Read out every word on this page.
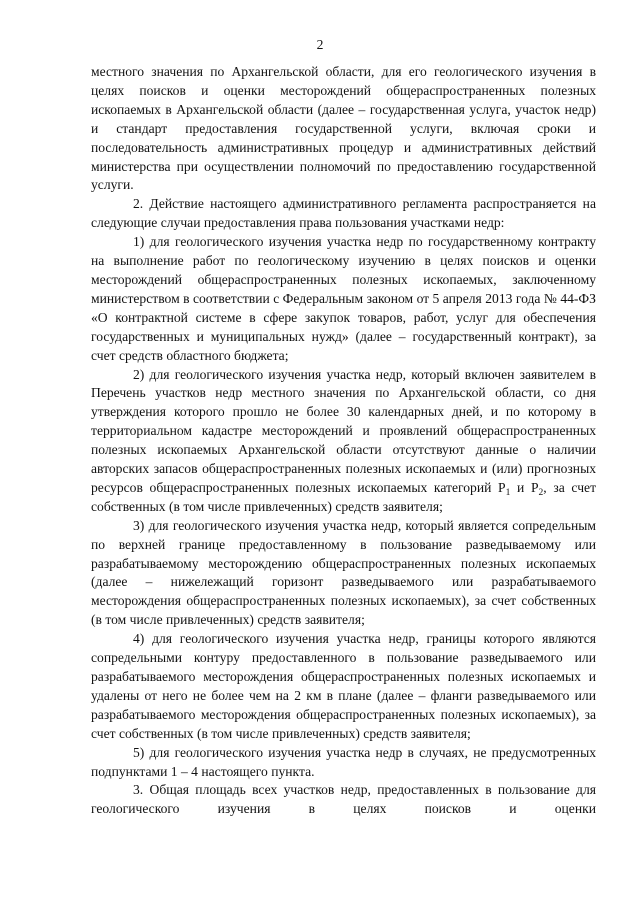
2

местного значения по Архангельской области, для его геологического изучения в целях поисков и оценки месторождений общераспространенных полезных ископаемых в Архангельской области (далее – государственная услуга, участок недр) и стандарт предоставления государственной услуги, включая сроки и последовательность административных процедур и административных действий министерства при осуществлении полномочий по предоставлению государственной услуги.

2. Действие настоящего административного регламента распространяется на следующие случаи предоставления права пользования участками недр:

1) для геологического изучения участка недр по государственному контракту на выполнение работ по геологическому изучению в целях поисков и оценки месторождений общераспространенных полезных ископаемых, заключенному министерством в соответствии с Федеральным законом от 5 апреля 2013 года № 44-ФЗ «О контрактной системе в сфере закупок товаров, работ, услуг для обеспечения государственных и муниципальных нужд» (далее – государственный контракт), за счет средств областного бюджета;

2) для геологического изучения участка недр, который включен заявителем в Перечень участков недр местного значения по Архангельской области, со дня утверждения которого прошло не более 30 календарных дней, и по которому в территориальном кадастре месторождений и проявлений общераспространенных полезных ископаемых Архангельской области отсутствуют данные о наличии авторских запасов общераспространенных полезных ископаемых и (или) прогнозных ресурсов общераспространенных полезных ископаемых категорий $P_1$ и $P_2$, за счет собственных (в том числе привлеченных) средств заявителя;

3) для геологического изучения участка недр, который является сопредельным по верхней границе предоставленному в пользование разведываемому или разрабатываемому месторождению общераспространенных полезных ископаемых (далее – нижележащий горизонт разведываемого или разрабатываемого месторождения общераспространенных полезных ископаемых), за счет собственных (в том числе привлеченных) средств заявителя;

4) для геологического изучения участка недр, границы которого являются сопредельными контуру предоставленного в пользование разведываемого или разрабатываемого месторождения общераспространенных полезных ископаемых и удалены от него не более чем на 2 км в плане (далее – фланги разведываемого или разрабатываемого месторождения общераспространенных полезных ископаемых), за счет собственных (в том числе привлеченных) средств заявителя;

5) для геологического изучения участка недр в случаях, не предусмотренных подпунктами 1 – 4 настоящего пункта.

3. Общая площадь всех участков недр, предоставленных в пользование для геологического изучения в целях поисков и оценки
